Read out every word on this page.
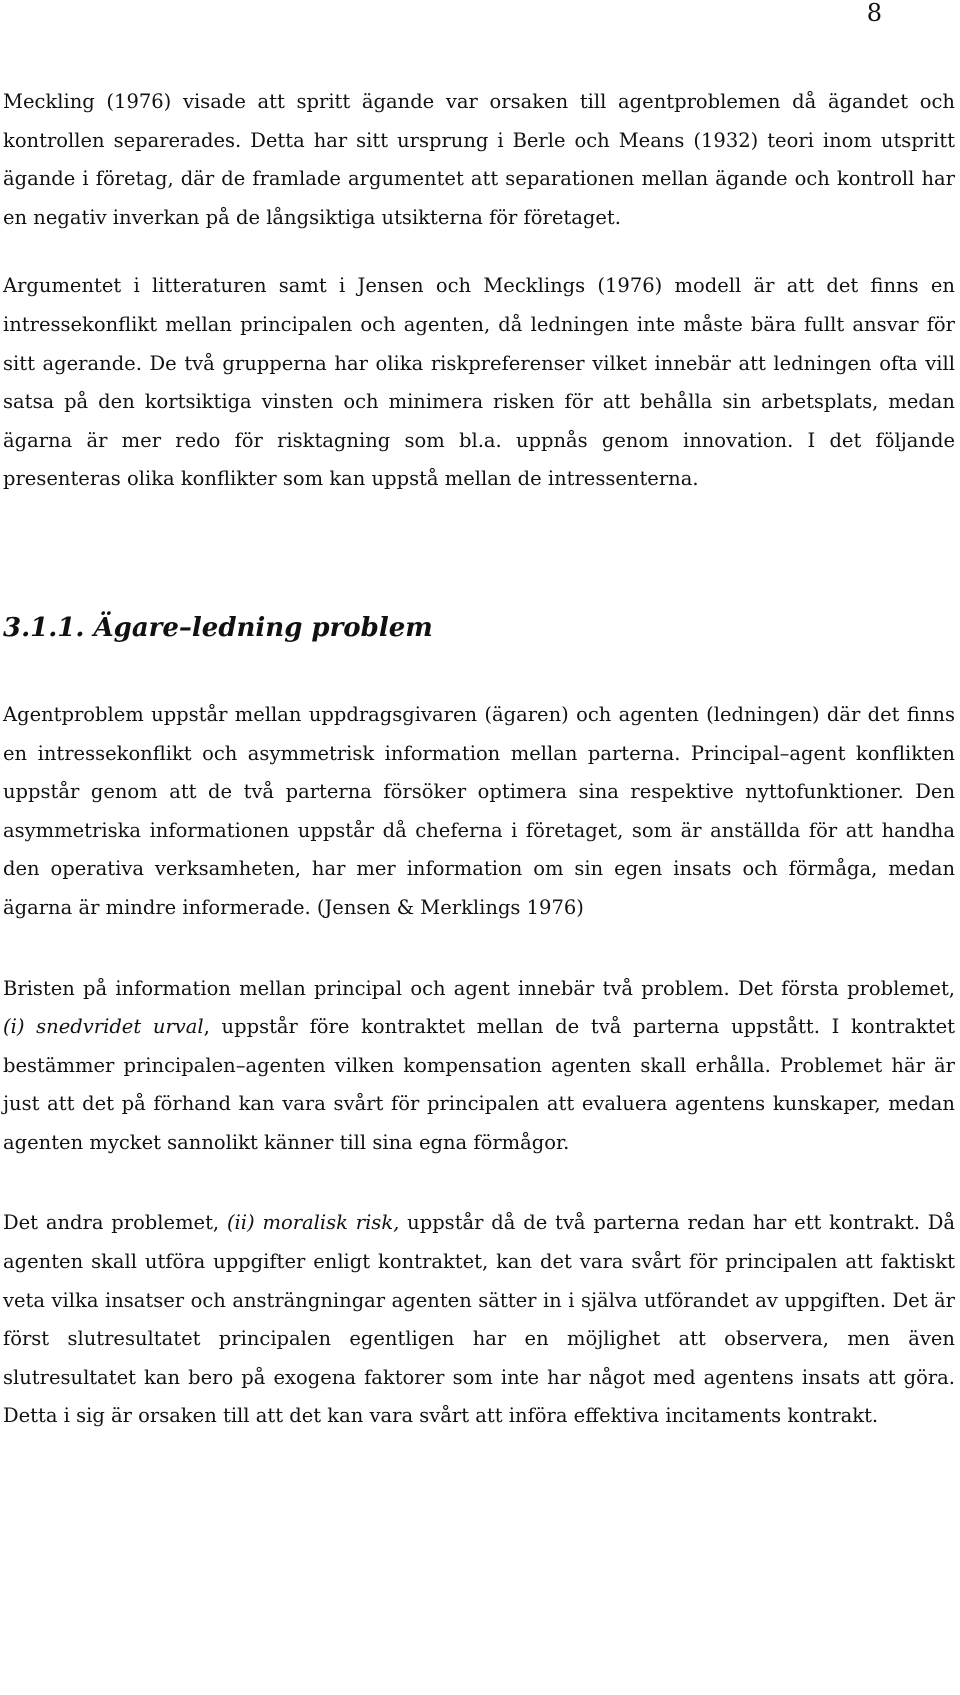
8

Meckling (1976) visade att spritt ägande var orsaken till agentproblemen då ägandet och kontrollen separerades. Detta har sitt ursprung i Berle och Means (1932) teori inom utspritt ägande i företag, där de framlade argumentet att separationen mellan ägande och kontroll har en negativ inverkan på de långsiktiga utsikterna för företaget.

Argumentet i litteraturen samt i Jensen och Mecklings (1976) modell är att det finns en intressekonflikt mellan principalen och agenten, då ledningen inte måste bära fullt ansvar för sitt agerande. De två grupperna har olika riskpreferenser vilket innebär att ledningen ofta vill satsa på den kortsiktiga vinsten och minimera risken för att behålla sin arbetsplats, medan ägarna är mer redo för risktagning som bl.a. uppnås genom innovation. I det följande presenteras olika konflikter som kan uppstå mellan de intressenterna.

3.1.1. Ägare–ledning problem

Agentproblem uppstår mellan uppdragsgivaren (ägaren) och agenten (ledningen) där det finns en intressekonflikt och asymmetrisk information mellan parterna. Principal–agent konflikten uppstår genom att de två parterna försöker optimera sina respektive nyttofunktioner. Den asymmetriska informationen uppstår då cheferna i företaget, som är anställda för att handha den operativa verksamheten, har mer information om sin egen insats och förmåga, medan ägarna är mindre informerade. (Jensen & Merklings 1976)

Bristen på information mellan principal och agent innebär två problem. Det första problemet, (i) snedvridet urval, uppstår före kontraktet mellan de två parterna uppstått. I kontraktet bestämmer principalen–agenten vilken kompensation agenten skall erhålla. Problemet här är just att det på förhand kan vara svårt för principalen att evaluera agentens kunskaper, medan agenten mycket sannolikt känner till sina egna förmågor.

Det andra problemet, (ii) moralisk risk, uppstår då de två parterna redan har ett kontrakt. Då agenten skall utföra uppgifter enligt kontraktet, kan det vara svårt för principalen att faktiskt veta vilka insatser och ansträngningar agenten sätter in i själva utförandet av uppgiften. Det är först slutresultatet principalen egentligen har en möjlighet att observera, men även slutresultatet kan bero på exogena faktorer som inte har något med agentens insats att göra. Detta i sig är orsaken till att det kan vara svårt att införa effektiva incitaments kontrakt.
